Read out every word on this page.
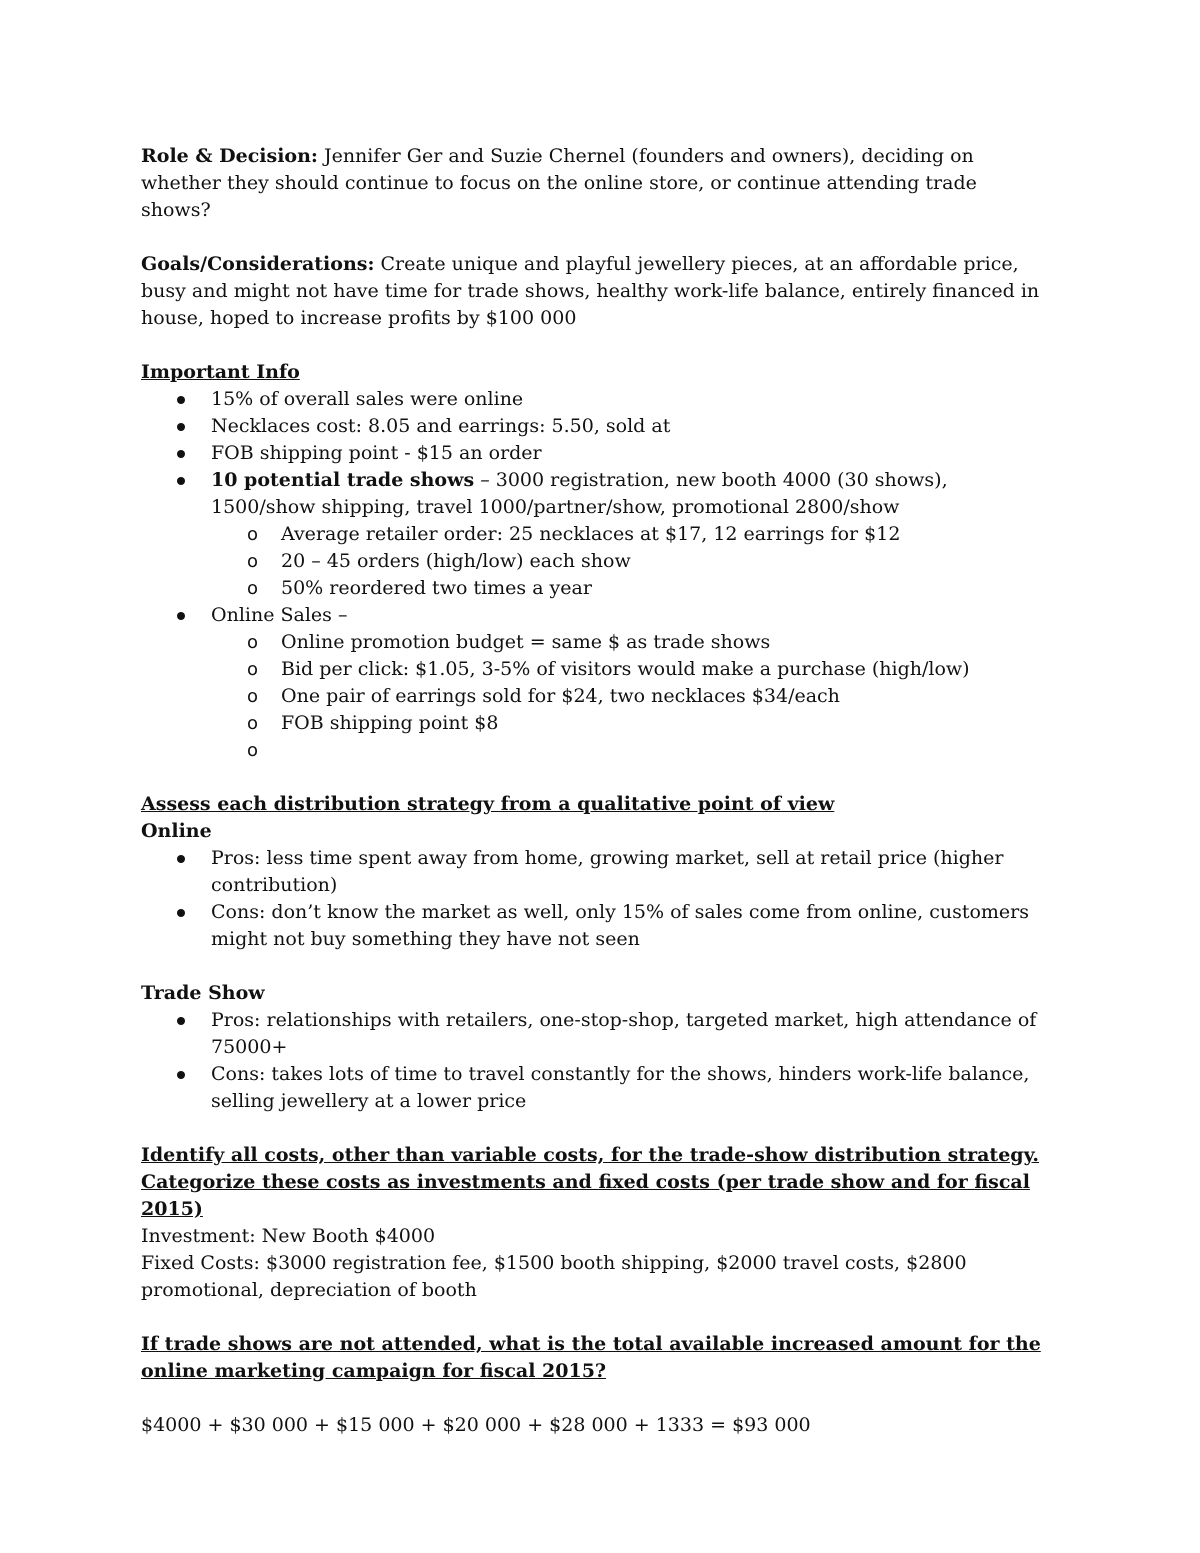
Role & Decision: Jennifer Ger and Suzie Chernel (founders and owners), deciding on whether they should continue to focus on the online store, or continue attending trade shows?

Goals/Considerations: Create unique and playful jewellery pieces, at an affordable price, busy and might not have time for trade shows, healthy work-life balance, entirely financed in house, hoped to increase profits by $100 000

Important Info

15% of overall sales were online
Necklaces cost: 8.05 and earrings: 5.50, sold at
FOB shipping point - $15 an order
10 potential trade shows – 3000 registration, new booth 4000 (30 shows), 1500/show shipping, travel 1000/partner/show, promotional 2800/show
o Average retailer order: 25 necklaces at $17, 12 earrings for $12
o 20 – 45 orders (high/low) each show
o 50% reordered two times a year
Online Sales –
o Online promotion budget = same $ as trade shows
o Bid per click: $1.05, 3-5% of visitors would make a purchase (high/low)
o One pair of earrings sold for $24, two necklaces $34/each
o FOB shipping point $8
o

Assess each distribution strategy from a qualitative point of view

Online

Pros: less time spent away from home, growing market, sell at retail price (higher contribution)
Cons: don’t know the market as well, only 15% of sales come from online, customers might not buy something they have not seen

Trade Show

Pros: relationships with retailers, one-stop-shop, targeted market, high attendance of 75000+
Cons: takes lots of time to travel constantly for the shows, hinders work-life balance, selling jewellery at a lower price

Identify all costs, other than variable costs, for the trade-show distribution strategy.

Categorize these costs as investments and fixed costs (per trade show and for fiscal 2015)

Investment: New Booth $4000

Fixed Costs: $3000 registration fee, $1500 booth shipping, $2000 travel costs, $2800 promotional, depreciation of booth

If trade shows are not attended, what is the total available increased amount for the online marketing campaign for fiscal 2015?

$4000 + $30 000 + $15 000 + $20 000 + $28 000 + 1333 = $93 000
